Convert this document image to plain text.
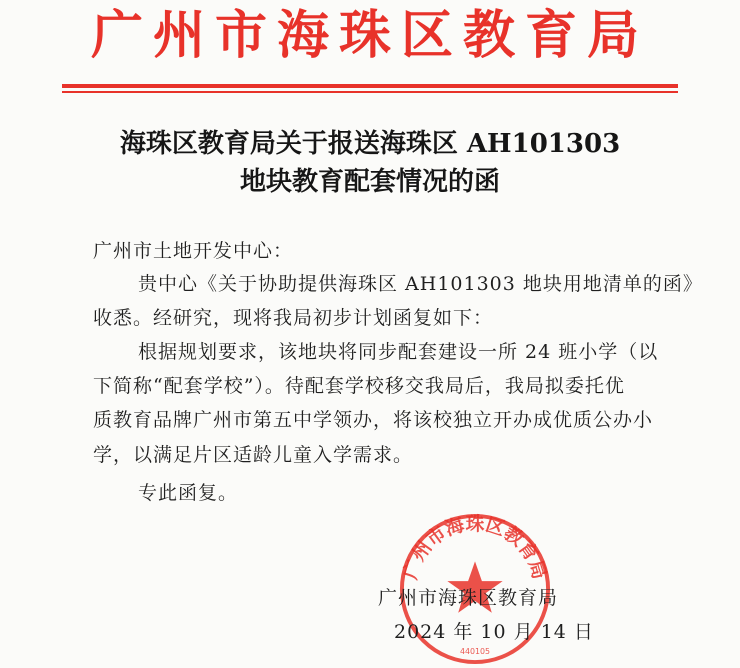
广州市海珠区教育局
海珠区教育局关于报送海珠区 AH101303
地块教育配套情况的函
广州市土地开发中心：
贵中心《关于协助提供海珠区 AH101303 地块用地清单的函》
收悉。经研究，现将我局初步计划函复如下：
根据规划要求，该地块将同步配套建设一所 24 班小学（以
下简称“配套学校”）。待配套学校移交我局后，我局拟委托优
质教育品牌广州市第五中学领办，将该校独立开办成优质公办小
学，以满足片区适龄儿童入学需求。
专此函复。
广州市海珠区教育局
440105
广州市海珠区教育局
2024 年 10 月 14 日
